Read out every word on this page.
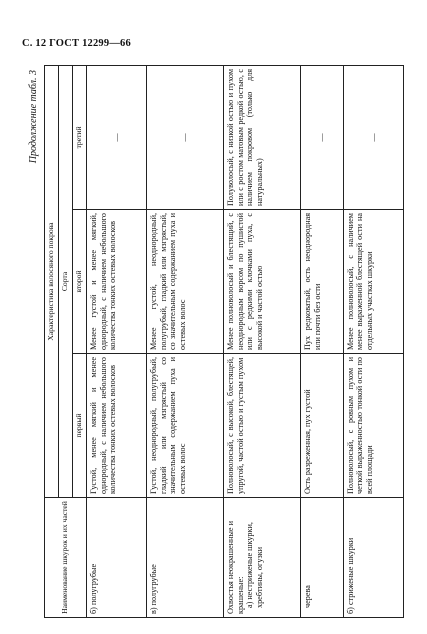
С. 12 ГОСТ 12299—66
Продолжение табл. 3
Наименование шкурок и их частей	Характеристика волосяного покрова		
	Сорта		
	первый	второй	третий
б) полугрубые	Густой, менее мягкий и менее однородный, с наличием небольшого количества тонких остевых волосков	Менее густой и менее мягкий, однородный, с наличием небольшого количества тонких остевых волосков	—
в) полугрубые	Густой, неоднородный, полугрубый, гладкий или мзгрястый со значительным содержанием пуха и остевых волос	Менее густой, неоднородный, полугрубый, гладкий или мзгрястый, со значительным содержанием пуха и остевых волос	—
Охвостья неокрашенные и крашеные: а) нестриженые шкурки, хребтины, огузки	Полноволосый, с высокой, блестящей, упругой, частой остью и густым пухом	Менее полноволосый и блестящий, с неоднородным ворсом по пушистой или с редкими клочками пуха, с высокой и частой остью	Полуволосый, с низкой остью и пухом или с ростом матовым редкой остью, с наличием покровом (только для натуральных)

черева	Ость разреженная, пух густой	Пух редковатый, ость неоднородная или почти без ости	—
б) стриженые шкурки	Полноволосый, с ровным пухом и четкой выраженностью тонкой ости по всей площади	Менее полноволосый, с наличием менее выраженной блестящей ости на отдельных участках шкурки	—
